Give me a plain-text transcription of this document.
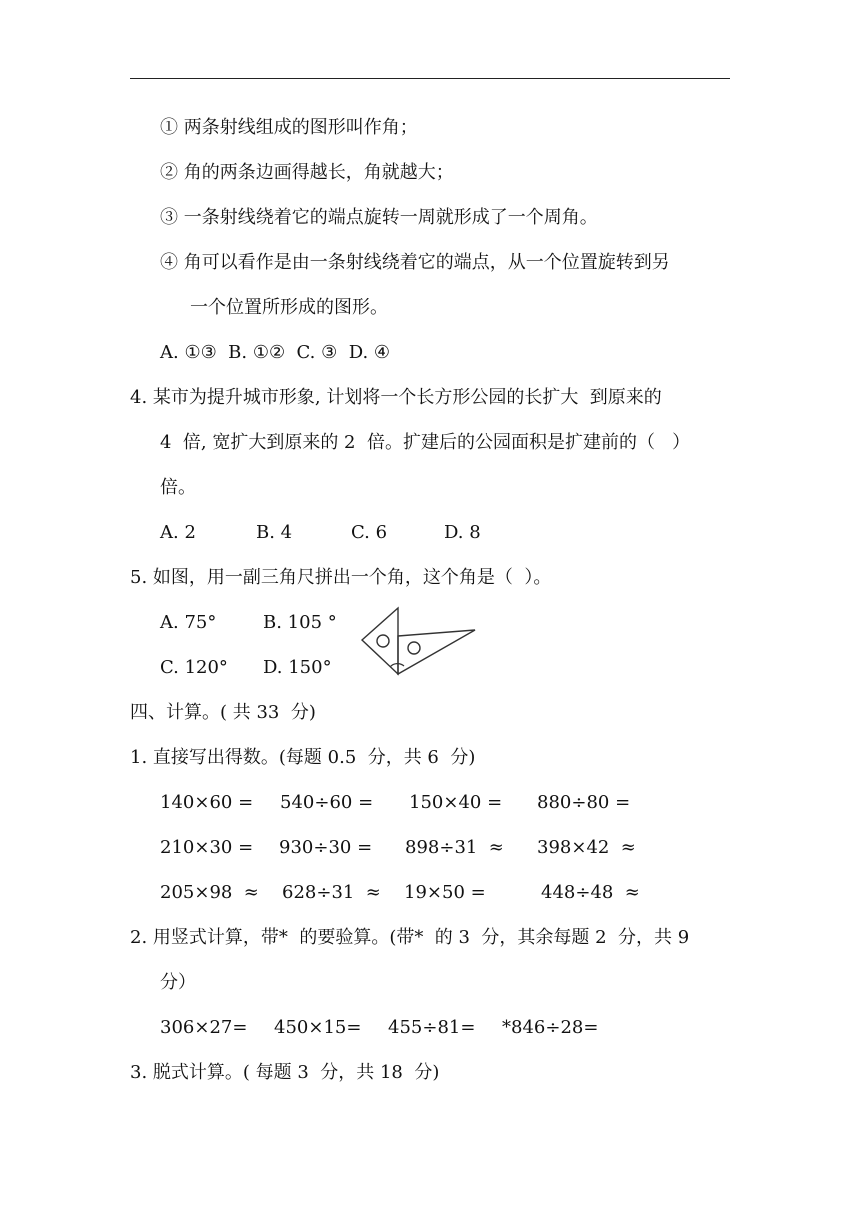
① 两条射线组成的图形叫作角；
② 角的两条边画得越长，角就越大；
③ 一条射线绕着它的端点旋转一周就形成了一个周角。
④ 角可以看作是由一条射线绕着它的端点，从一个位置旋转到另
一个位置所形成的图形。
A. ①③  B. ①②  C. ③  D. ④
4. 某市为提升城市形象, 计划将一个长方形公园的长扩大  到原来的
4  倍, 宽扩大到原来的 2  倍。扩建后的公园面积是扩建前的（   ）
倍。
A. 2	B. 4	C. 6	D. 8
5. 如图，用一副三角尺拼出一个角，这个角是（  ）。
A. 75°	B. 105 °
C. 120° D. 150°
四、计算。( 共 33  分)
1. 直接写出得数。(每题 0.5  分，共 6  分)
140×60 = 540÷60 = 150×40 = 880÷80 =
210×30 = 930÷30 = 898÷31  ≈ 398×42  ≈
205×98  ≈ 628÷31  ≈ 19×50 =	448÷48  ≈
2. 用竖式计算，带*  的要验算。(带*  的 3  分，其余每题 2  分，共 9
分）
306×27= 450×15= 455÷81= *846÷28=
3. 脱式计算。( 每题 3  分，共 18  分)
